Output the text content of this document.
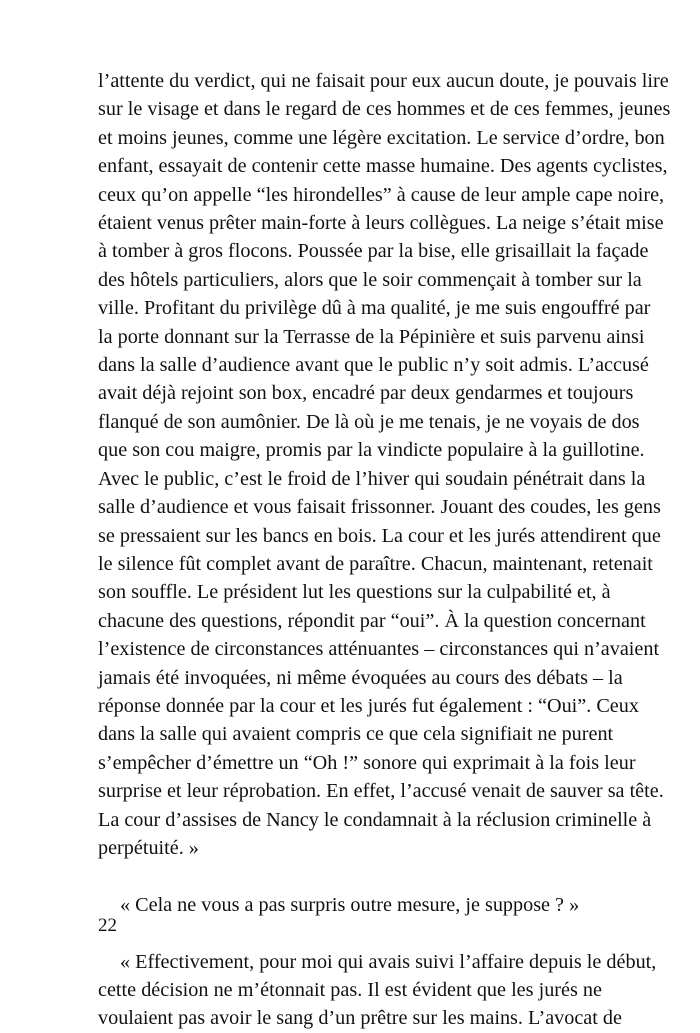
l’attente du verdict, qui ne faisait pour eux aucun doute, je pouvais lire

sur le visage et dans le regard de ces hommes et de ces femmes, jeunes

et moins jeunes, comme une légère excitation. Le service d’ordre, bon

enfant, essayait de contenir cette masse humaine. Des agents cyclistes,

ceux qu’on appelle “les hirondelles” à cause de leur ample cape noire,

étaient venus prêter main-forte à leurs collègues. La neige s’était mise

à tomber à gros flocons. Poussée par la bise, elle grisaillait la façade

des hôtels particuliers, alors que le soir commençait à tomber sur la

ville. Profitant du privilège dû à ma qualité, je me suis engouffré par

la porte donnant sur la Terrasse de la Pépinière et suis parvenu ainsi

dans la salle d’audience avant que le public n’y soit admis. L’accusé

avait déjà rejoint son box, encadré par deux gendarmes et toujours

flanqué de son aumônier. De là où je me tenais, je ne voyais de dos

que son cou maigre, promis par la vindicte populaire à la guillotine.

Avec le public, c’est le froid de l’hiver qui soudain pénétrait dans la

salle d’audience et vous faisait frissonner. Jouant des coudes, les gens

se pressaient sur les bancs en bois. La cour et les jurés attendirent que

le silence fût complet avant de paraître. Chacun, maintenant, retenait

son souffle. Le président lut les questions sur la culpabilité et, à

chacune des questions, répondit par “oui”. À la question concernant

l’existence de circonstances atténuantes – circonstances qui n’avaient

jamais été invoquées, ni même évoquées au cours des débats – la

réponse donnée par la cour et les jurés fut également : “Oui”. Ceux

dans la salle qui avaient compris ce que cela signifiait ne purent

s’empêcher d’émettre un “Oh !” sonore qui exprimait à la fois leur

surprise et leur réprobation. En effet, l’accusé venait de sauver sa tête.

La cour d’assises de Nancy le condamnait à la réclusion criminelle à

perpétuité. »

« Cela ne vous a pas surpris outre mesure, je suppose ? »

« Effectivement, pour moi qui avais suivi l’affaire depuis le début,

cette décision ne m’étonnait pas. Il est évident que les jurés ne

voulaient pas avoir le sang d’un prêtre sur les mains. L’avocat de

22
